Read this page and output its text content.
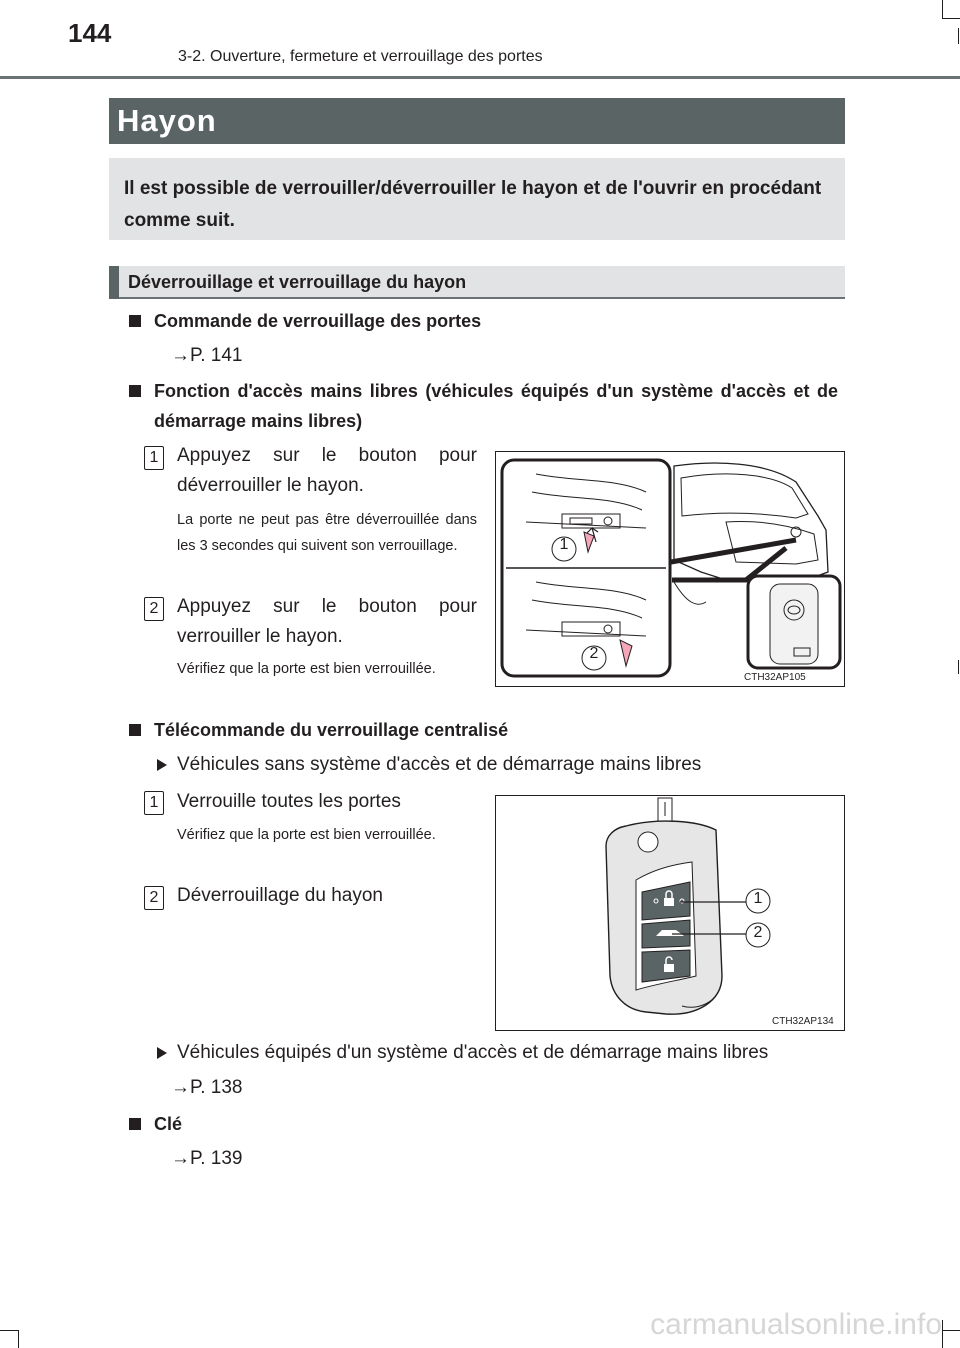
144
3-2. Ouverture, fermeture et verrouillage des portes
Hayon
Il est possible de verrouiller/déverrouiller le hayon et de l'ouvrir en procédant comme suit.
Déverrouillage et verrouillage du hayon
Commande de verrouillage des portes
→P. 141
Fonction d'accès mains libres (véhicules équipés d'un système d'accès et de démarrage mains libres)
1 Appuyez sur le bouton pour déverrouiller le hayon.
La porte ne peut pas être déverrouillée dans les 3 secondes qui suivent son verrouillage.
2 Appuyez sur le bouton pour verrouiller le hayon.
Vérifiez que la porte est bien verrouillée.
1
2
CTH32AP105
Télécommande du verrouillage centralisé
Véhicules sans système d'accès et de démarrage mains libres
1 Verrouille toutes les portes
Vérifiez que la porte est bien verrouillée.
2 Déverrouillage du hayon	1
2
CTH32AP134
Véhicules équipés d'un système d'accès et de démarrage mains libres
→P. 138
Clé
→P. 139
carmanualsonline.info
